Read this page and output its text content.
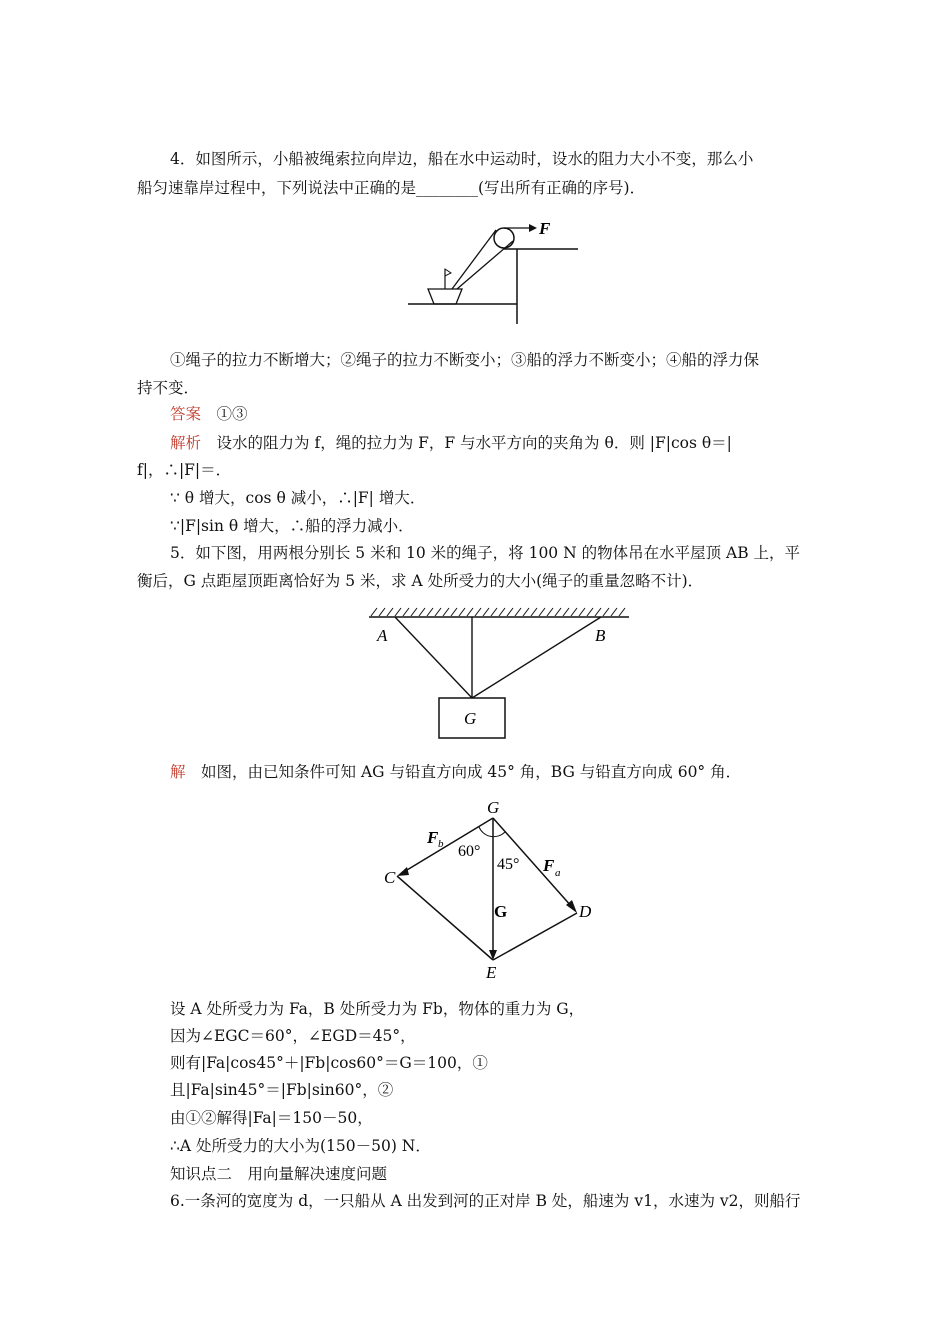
4．如图所示，小船被绳索拉向岸边，船在水中运动时，设水的阻力大小不变，那么小
船匀速靠岸过程中，下列说法中正确的是________(写出所有正确的序号)．
F
①绳子的拉力不断增大；②绳子的拉力不断变小；③船的浮力不断变小；④船的浮力保
持不变．
答案　 ①③
解析　 设水的阻力为 f，绳的拉力为 F，F 与水平方向的夹角为 θ．则 |F|cos θ＝|
f|，∴|F|＝．
∵ θ 增大，cos θ 减小，∴|F| 增大．
∵|F|sin θ 增大，∴船的浮力减小．
5．如下图，用两根分别长 5 米和 10 米的绳子，将 100 N 的物体吊在水平屋顶 AB 上，平
衡后，G 点距屋顶距离恰好为 5 米，求 A 处所受力的大小(绳子的重量忽略不计)．
A	B
G
解　 如图，由已知条件可知 AG 与铅直方向成 45° 角，BG 与铅直方向成 60° 角．
G
C
D
E
F b
F a
G
60°
45°
设 A 处所受力为 Fa，B 处所受力为 Fb，物体的重力为 G，
因为∠EGC＝60°，∠EGD＝45°，
则有|Fa|cos45°＋|Fb|cos60°＝G＝100，①
且|Fa|sin45°＝|Fb|sin60°，②
由①②解得|Fa|＝150－50，
∴A 处所受力的大小为(150－50) N．
知识点二　用向量解决速度问题
6.一条河的宽度为 d，一只船从 A 出发到河的正对岸 B 处，船速为 v1，水速为 v2，则船行
